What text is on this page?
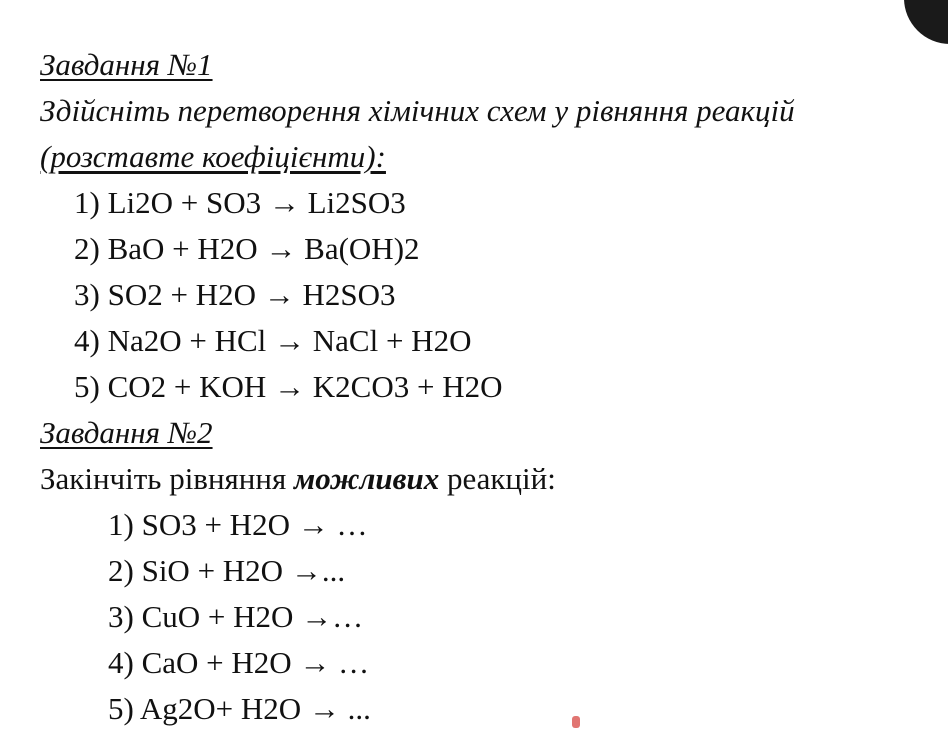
Завдання №1
Здійсніть перетворення хімічних схем у рівняння реакцій
(розставте коефіцієнти):
1) Li2O + SO3 → Li2SO3
2) BaO + H2O → Ba(OH)2
3) SO2 + H2O → H2SO3
4) Na2O + HCl → NaCl + H2O
5) CO2 + KOH → K2CO3 + H2O
Завдання №2
Закінчіть рівняння можливих реакцій:
1) SO3 + H2O → …
2) SiO + H2O →...
3) CuO + H2O →…
4) CaO + H2O → …
5) Ag2O+ H2O → ...
